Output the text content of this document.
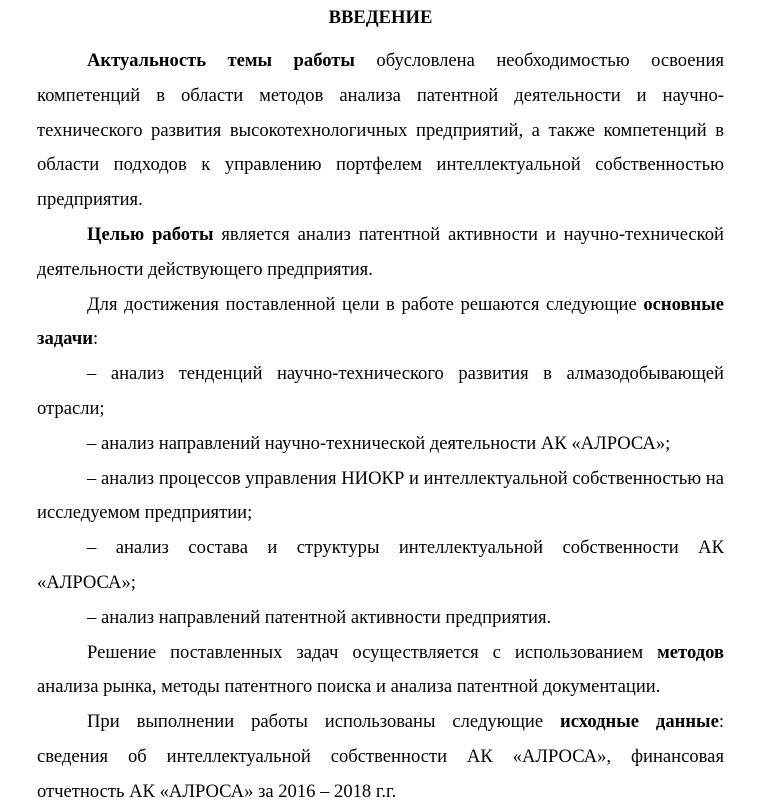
ВВЕДЕНИЕ

Актуальность темы работы обусловлена необходимостью освоения компетенций в области методов анализа патентной деятельности и научно-технического развития высокотехнологичных предприятий, а также компетенций в области подходов к управлению портфелем интеллектуальной собственностью предприятия.

Целью работы является анализ патентной активности и научно-технической деятельности действующего предприятия.

Для достижения поставленной цели в работе решаются следующие основные задачи:

– анализ тенденций научно-технического развития в алмазодобывающей отрасли;

– анализ направлений научно-технической деятельности АК «АЛРОСА»;

– анализ процессов управления НИОКР и интеллектуальной собственностью на исследуемом предприятии;

– анализ состава и структуры интеллектуальной собственности АК «АЛРОСА»;

– анализ направлений патентной активности предприятия.

Решение поставленных задач осуществляется с использованием методов анализа рынка, методы патентного поиска и анализа патентной документации.

При выполнении работы использованы следующие исходные данные: сведения об интеллектуальной собственности АК «АЛРОСА», финансовая отчетность АК «АЛРОСА» за 2016 – 2018 г.г.
